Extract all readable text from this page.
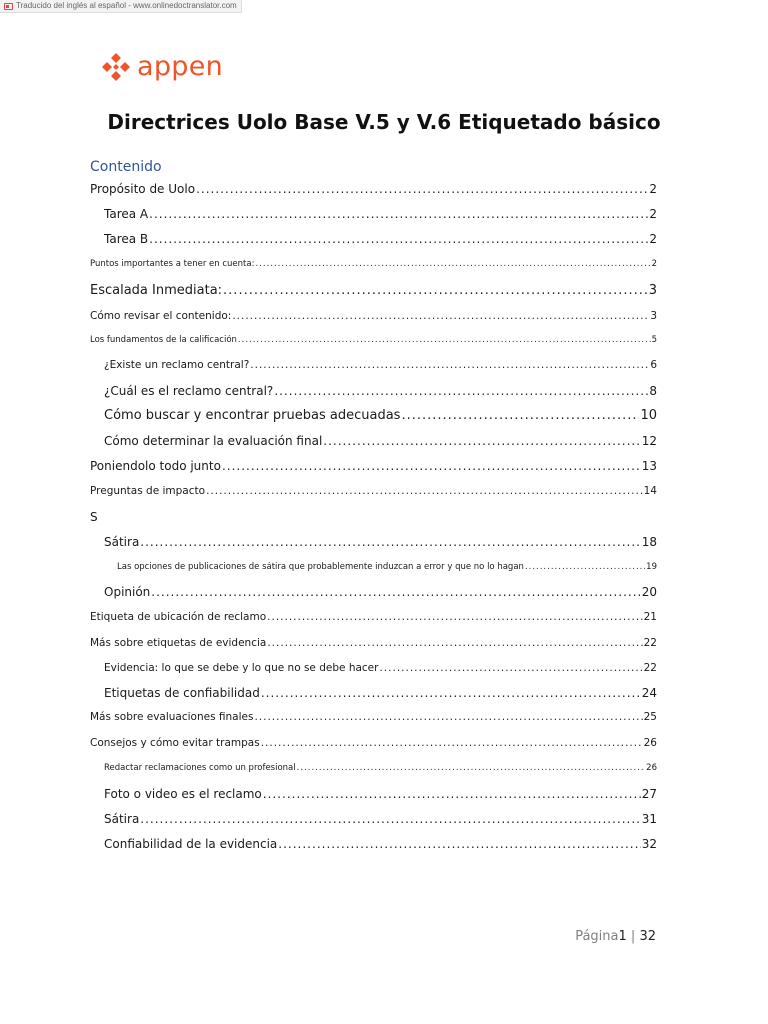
Traducido del inglés al español - www.onlinedoctranslator.com
appen
Directrices Uolo Base V.5 y V.6 Etiquetado básico
Contenido
Propósito de Uolo .....	2
Tarea A .....	2
Tarea B .....	2
Puntos importantes a tener en cuenta: .....	2
Escalada Inmediata: .....	3
Cómo revisar el contenido: .....	3
Los fundamentos de la calificación .....	5
¿Existe un reclamo central? .....	6
¿Cuál es el reclamo central? .....	8
Cómo buscar y encontrar pruebas adecuadas .....	10
Cómo determinar la evaluación final .....	12
Poniendolo todo junto .....	13
Preguntas de impacto .....	14
S
Sátira .....	18
Las opciones de publicaciones de sátira que probablemente induzcan a error y que no lo hagan .....	19
Opinión .....	20
Etiqueta de ubicación de reclamo .....	21
Más sobre etiquetas de evidencia .....	22
Evidencia: lo que se debe y lo que no se debe hacer .....	22
Etiquetas de confiabilidad .....	24
Más sobre evaluaciones finales .....	25
Consejos y cómo evitar trampas .....	26
Redactar reclamaciones como un profesional .....	26
Foto o video es el reclamo .....	27
Sátira .....	31
Confiabilidad de la evidencia .....	32
Página1 | 32
